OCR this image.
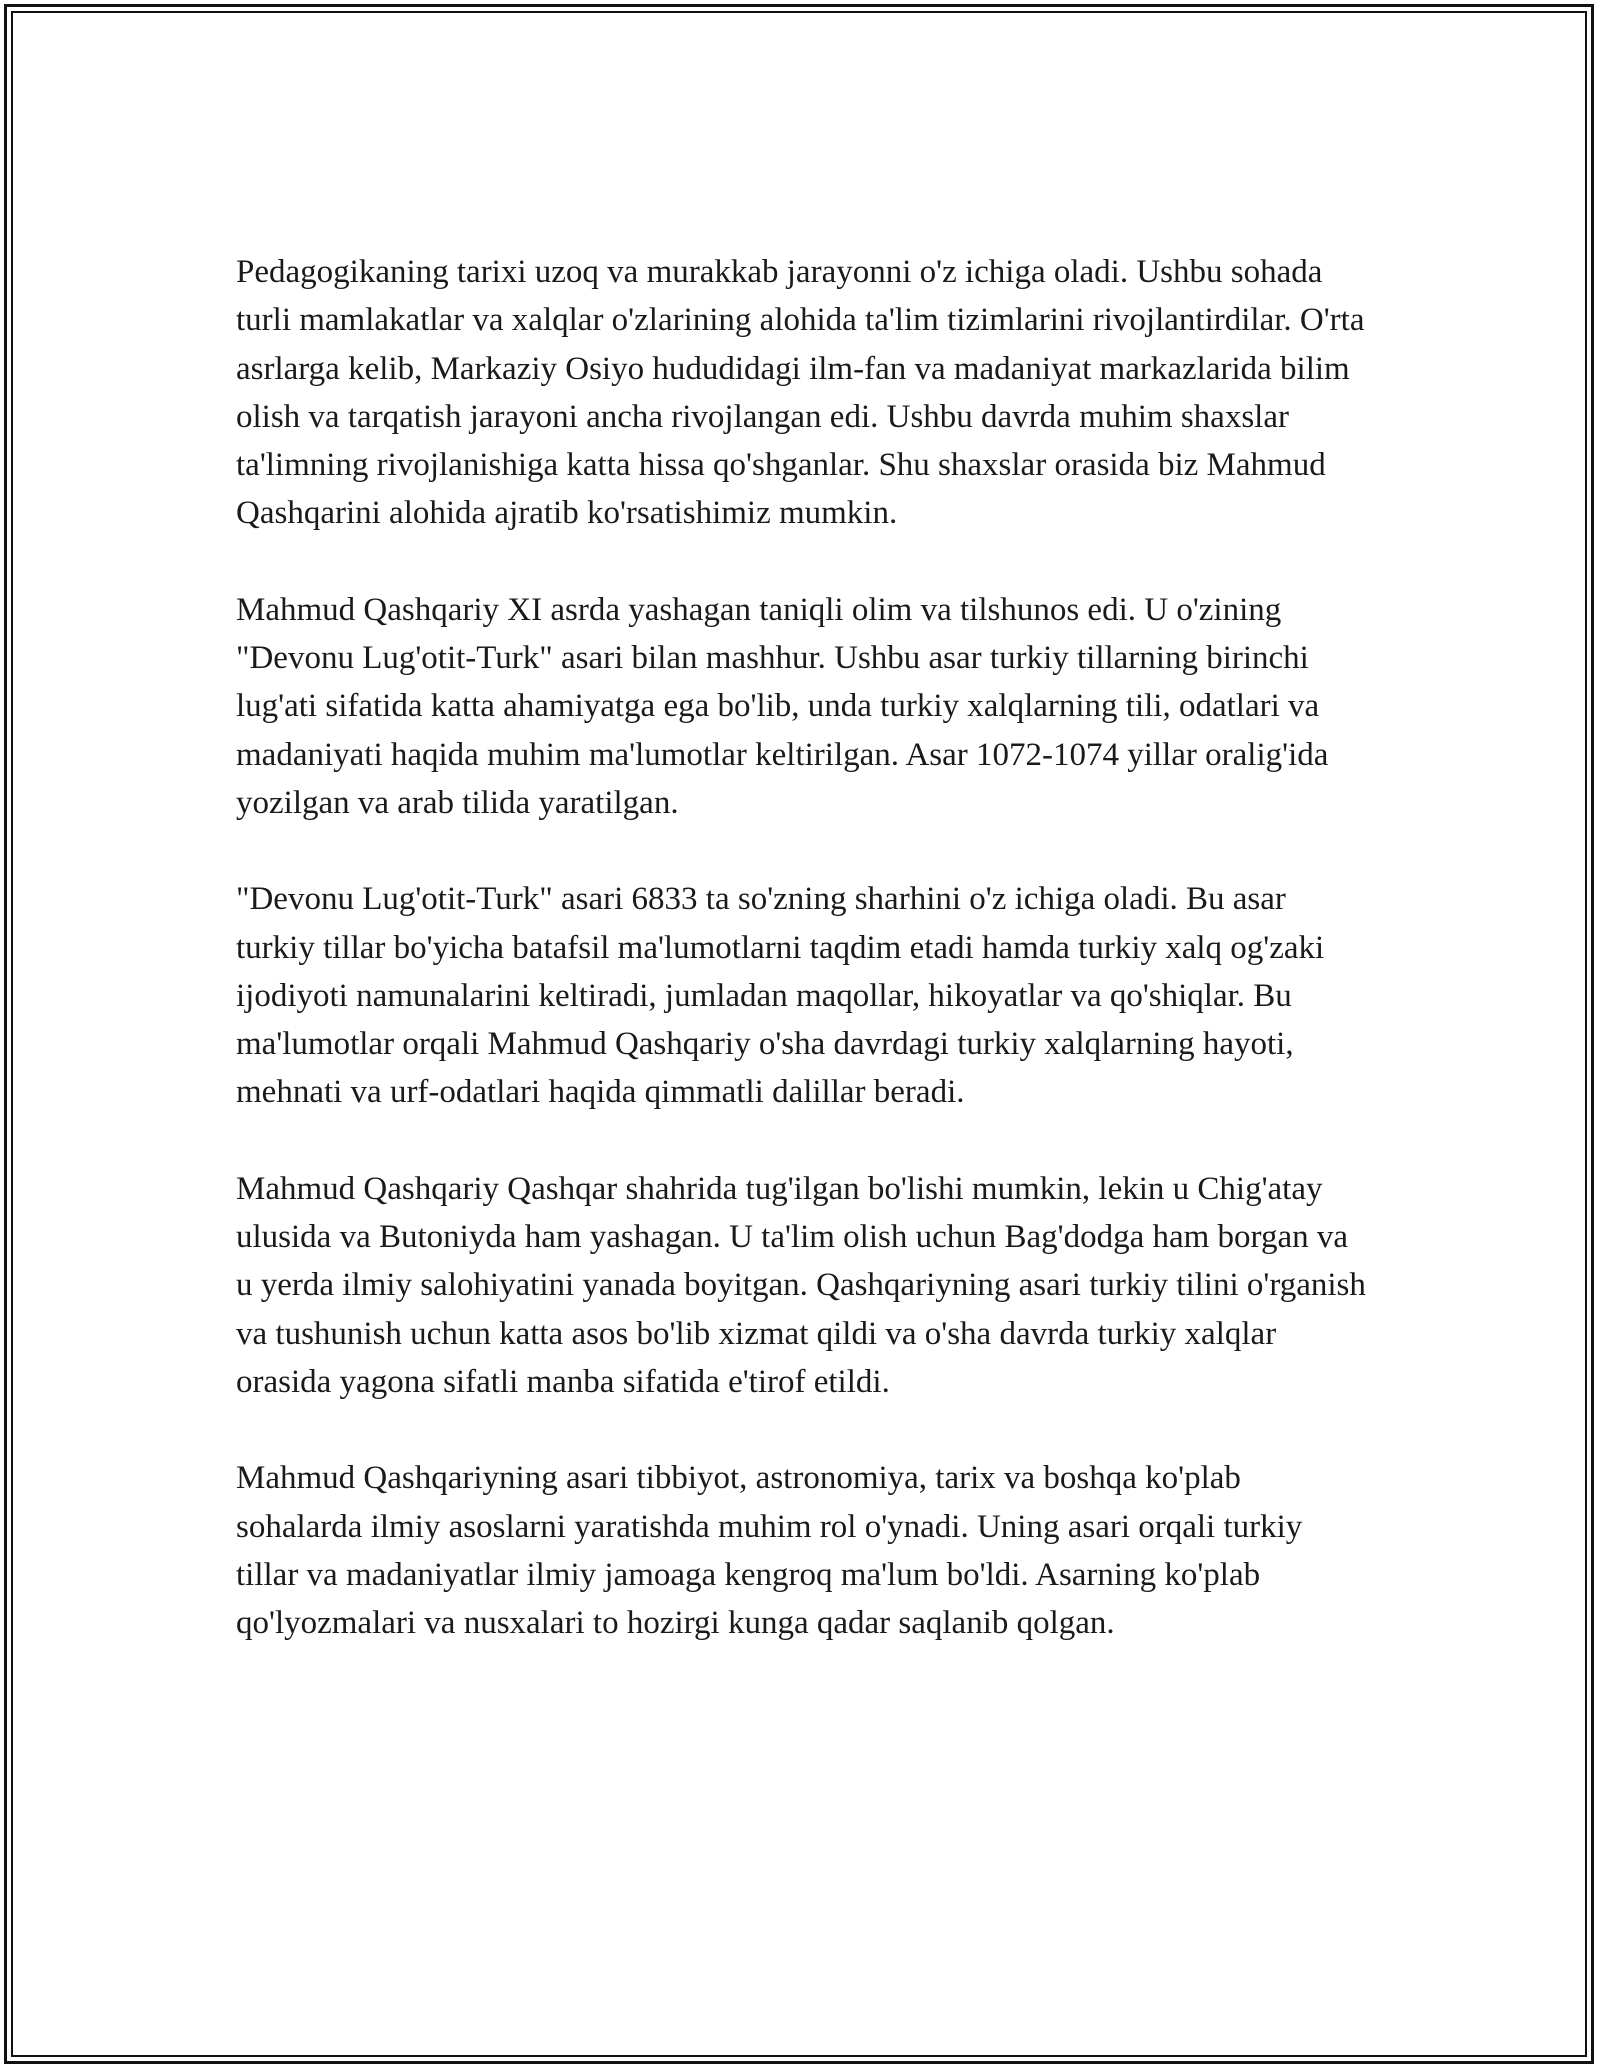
Pedagogikaning tarixi uzoq va murakkab jarayonni o'z ichiga oladi. Ushbu sohada turli mamlakatlar va xalqlar o'zlarining alohida ta'lim tizimlarini rivojlantirdilar. O'rta asrlarga kelib, Markaziy Osiyo hududidagi ilm-fan va madaniyat markazlarida bilim olish va tarqatish jarayoni ancha rivojlangan edi. Ushbu davrda muhim shaxslar ta'limning rivojlanishiga katta hissa qo'shganlar. Shu shaxslar orasida biz Mahmud Qashqarini alohida ajratib ko'rsatishimiz mumkin.

Mahmud Qashqariy XI asrda yashagan taniqli olim va tilshunos edi. U o'zining "Devonu Lug'otit-Turk" asari bilan mashhur. Ushbu asar turkiy tillarning birinchi lug'ati sifatida katta ahamiyatga ega bo'lib, unda turkiy xalqlarning tili, odatlari va madaniyati haqida muhim ma'lumotlar keltirilgan. Asar 1072-1074 yillar oralig'ida yozilgan va arab tilida yaratilgan.

"Devonu Lug'otit-Turk" asari 6833 ta so'zning sharhini o'z ichiga oladi. Bu asar turkiy tillar bo'yicha batafsil ma'lumotlarni taqdim etadi hamda turkiy xalq og'zaki ijodiyoti namunalarini keltiradi, jumladan maqollar, hikoyatlar va qo'shiqlar. Bu ma'lumotlar orqali Mahmud Qashqariy o'sha davrdagi turkiy xalqlarning hayoti, mehnati va urf-odatlari haqida qimmatli dalillar beradi.

Mahmud Qashqariy Qashqar shahrida tug'ilgan bo'lishi mumkin, lekin u Chig'atay ulusida va Butoniyda ham yashagan. U ta'lim olish uchun Bag'dodga ham borgan va u yerda ilmiy salohiyatini yanada boyitgan. Qashqariyning asari turkiy tilini o'rganish va tushunish uchun katta asos bo'lib xizmat qildi va o'sha davrda turkiy xalqlar orasida yagona sifatli manba sifatida e'tirof etildi.

Mahmud Qashqariyning asari tibbiyot, astronomiya, tarix va boshqa ko'plab sohalarda ilmiy asoslarni yaratishda muhim rol o'ynadi. Uning asari orqali turkiy tillar va madaniyatlar ilmiy jamoaga kengroq ma'lum bo'ldi. Asarning ko'plab qo'lyozmalari va nusxalari to hozirgi kunga qadar saqlanib qolgan.
